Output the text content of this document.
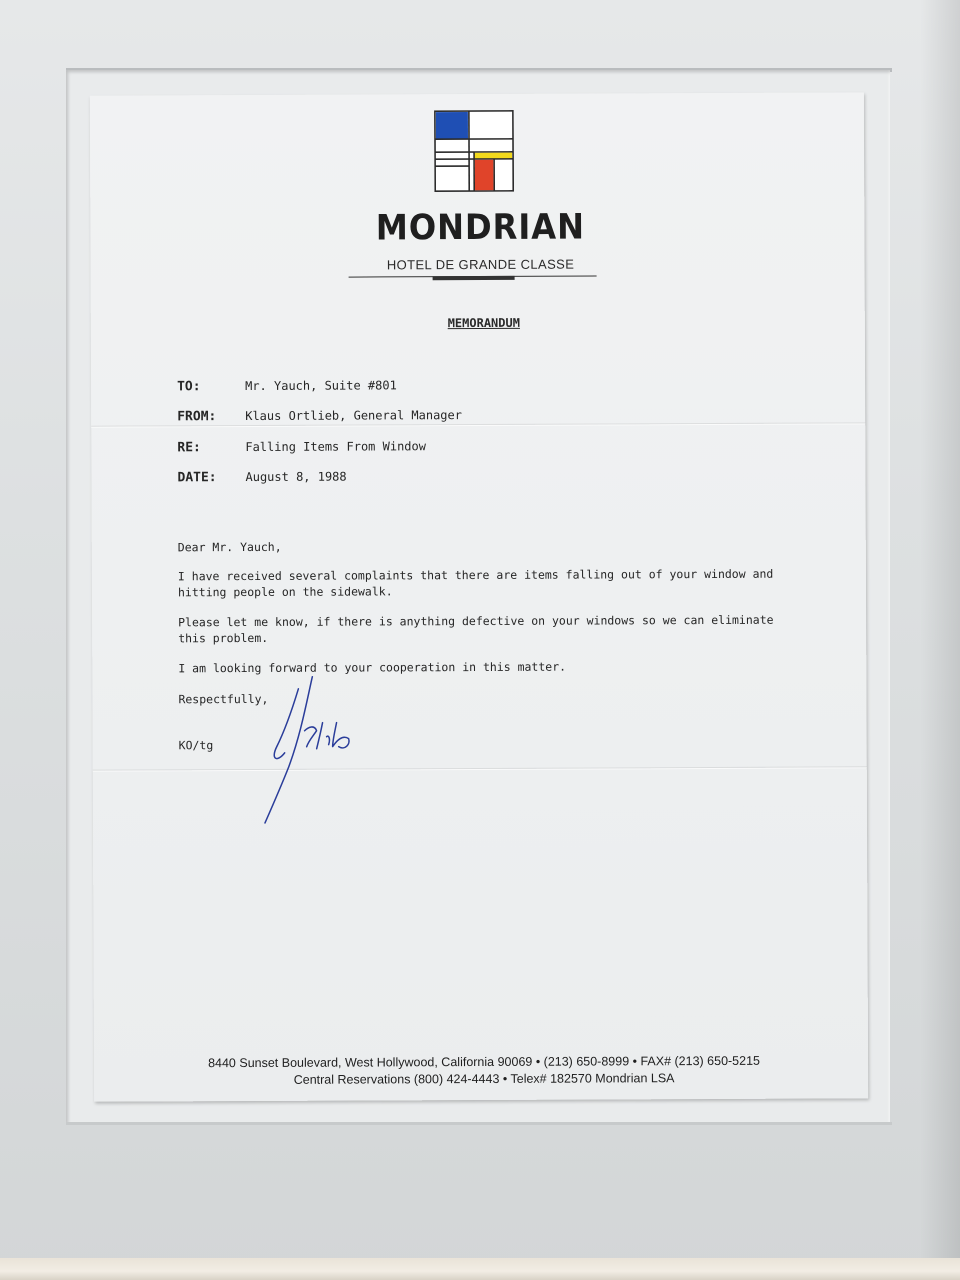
MONDRIAN
HOTEL DE GRANDE CLASSE
MEMORANDUM
TO:	Mr. Yauch, Suite #801
FROM: Klaus Ortlieb, General Manager
RE:	Falling Items From Window
DATE: August 8, 1988
Dear Mr. Yauch,
I have received several complaints that there are items falling out of your window and
hitting people on the sidewalk.
Please let me know, if there is anything defective on your windows so we can eliminate
this problem.
I am looking forward to your cooperation in this matter.
Respectfully,
KO/tg
8440 Sunset Boulevard, West Hollywood, California 90069 • (213) 650-8999 • FAX# (213) 650-5215
Central Reservations (800) 424-4443 • Telex# 182570 Mondrian LSA
